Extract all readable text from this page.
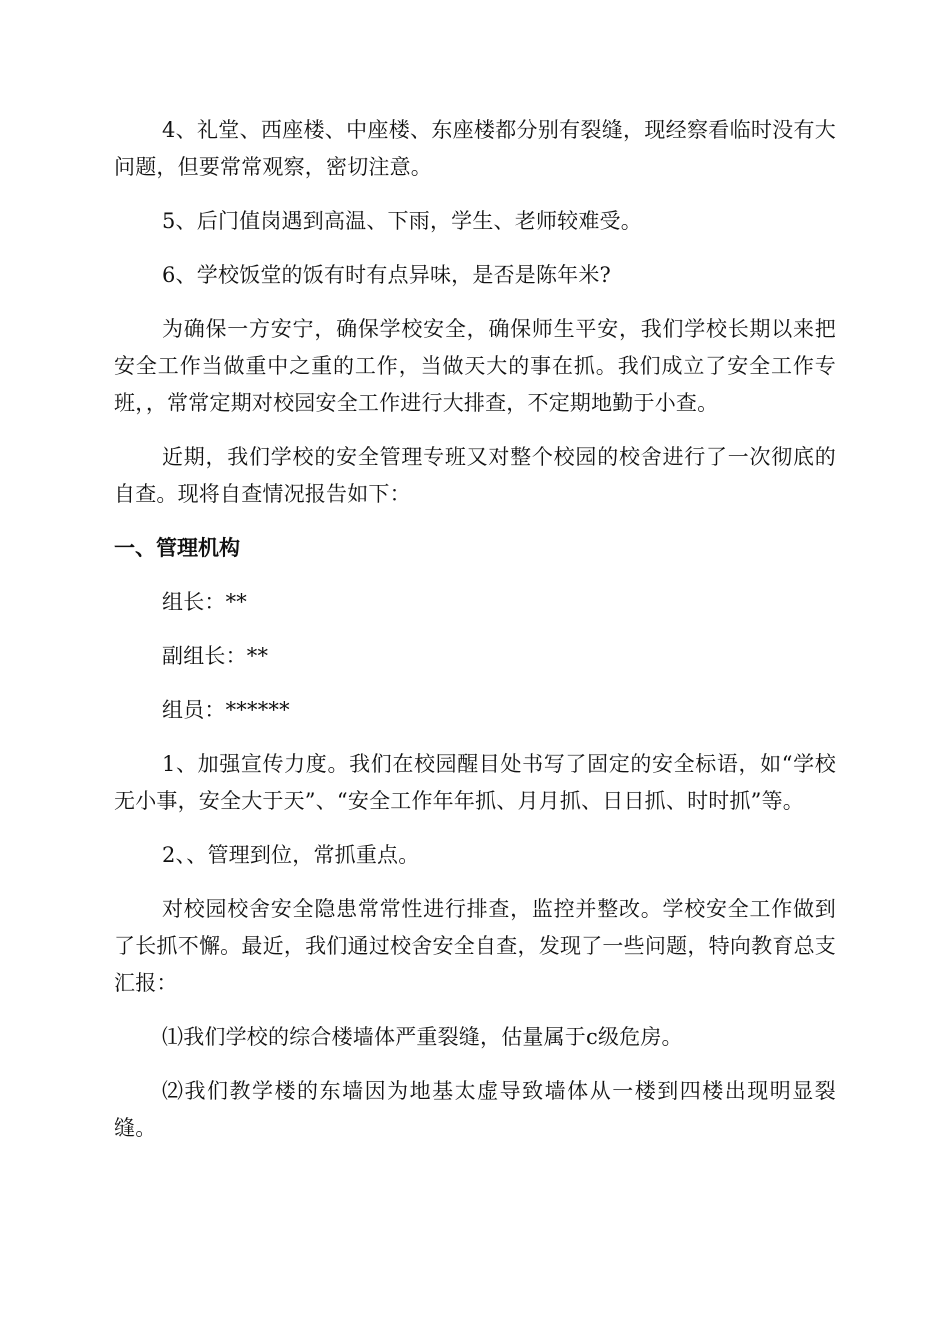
4、礼堂、西座楼、中座楼、东座楼都分别有裂缝，现经察看临时没有大问题，但要常常观察，密切注意。

5、后门值岗遇到高温、下雨，学生、老师较难受。

6、学校饭堂的饭有时有点异味，是否是陈年米?

为确保一方安宁，确保学校安全，确保师生平安，我们学校长期以来把安全工作当做重中之重的工作，当做天大的事在抓。我们成立了安全工作专班，，常常定期对校园安全工作进行大排查，不定期地勤于小查。

近期，我们学校的安全管理专班又对整个校园的校舍进行了一次彻底的自查。现将自查情况报告如下：

一、管理机构

组长：**

副组长：**

组员：******

1、加强宣传力度。我们在校园醒目处书写了固定的安全标语，如“学校无小事，安全大于天”、“安全工作年年抓、月月抓、日日抓、时时抓”等。

2、、管理到位，常抓重点。

对校园校舍安全隐患常常性进行排查，监控并整改。学校安全工作做到了长抓不懈。最近，我们通过校舍安全自查，发现了一些问题，特向教育总支汇报：

⑴我们学校的综合楼墙体严重裂缝，估量属于c级危房。

⑵我们教学楼的东墙因为地基太虚导致墙体从一楼到四楼出现明显裂缝。
